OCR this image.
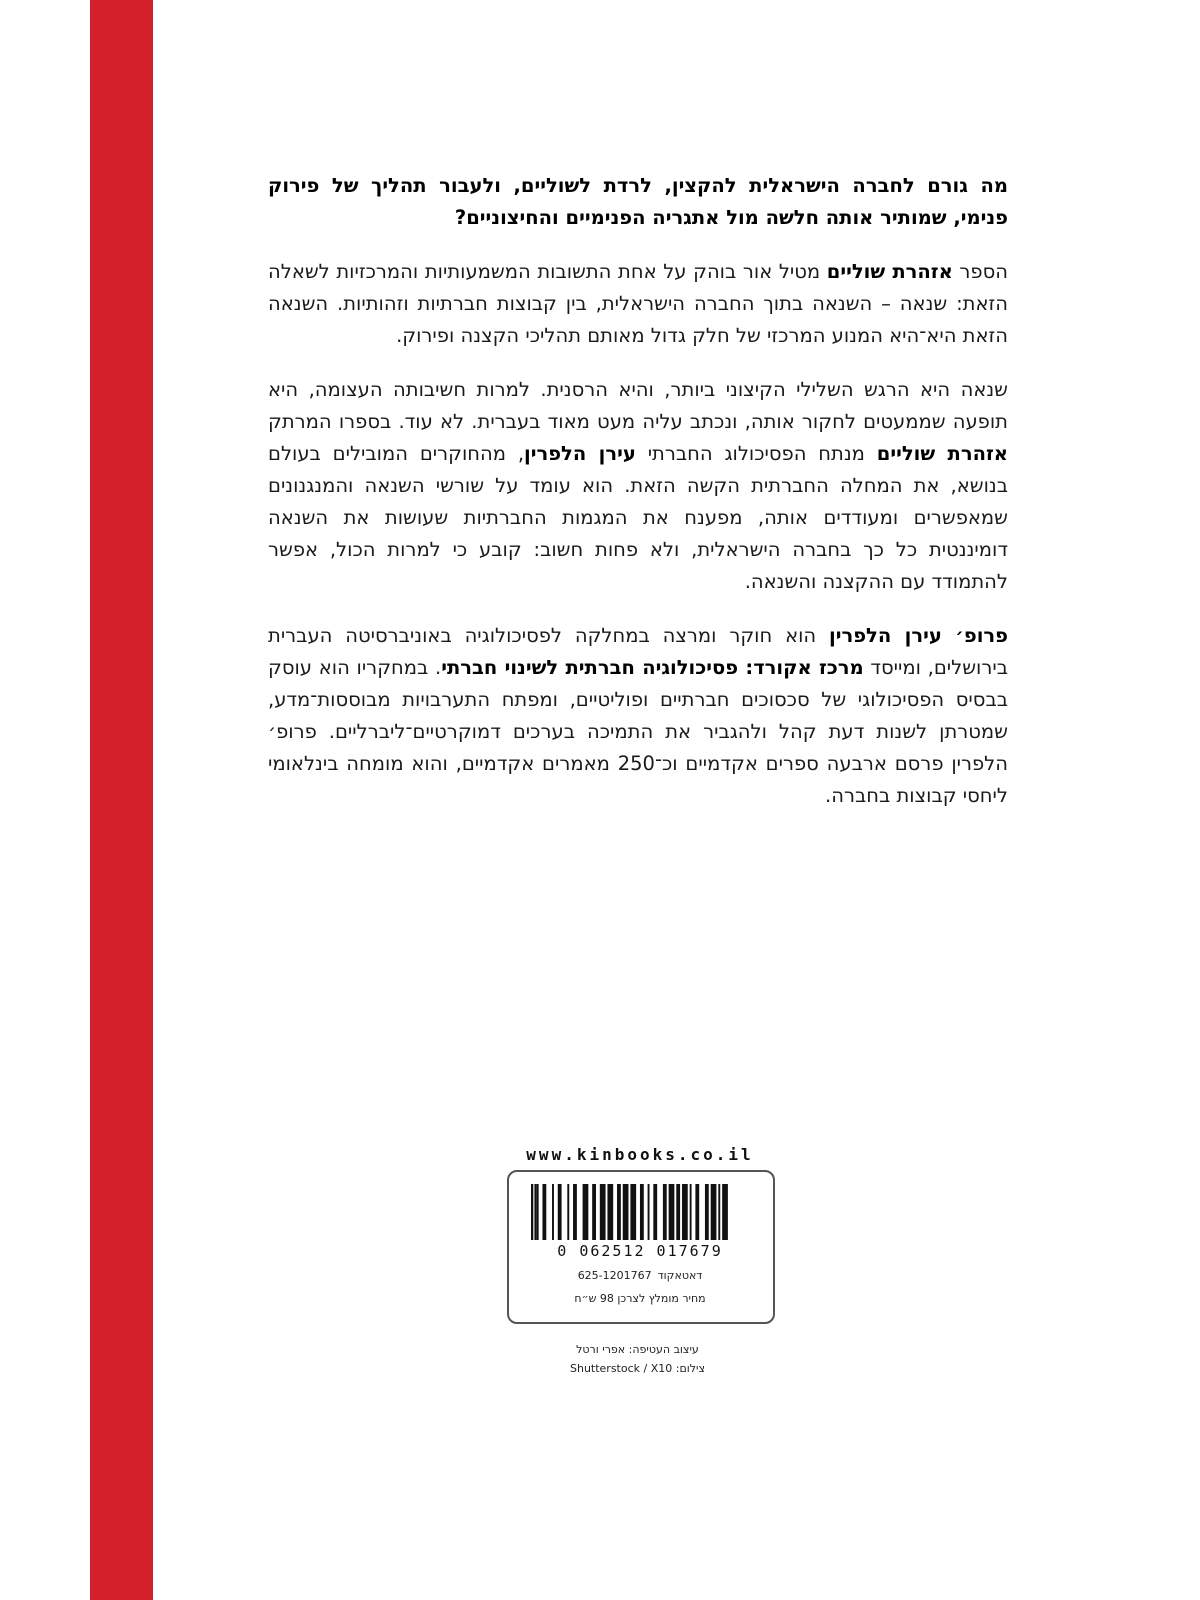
מה גורם לחברה הישראלית להקצין, לרדת לשוליים, ולעבור תהליך של פירוק פנימי, שמותיר אותה חלשה מול אתגריה הפנימיים והחיצוניים?

הספר אזהרת שוליים מטיל אור בוהק על אחת התשובות המשמעותיות והמרכזיות לשאלה הזאת: שנאה – השנאה בתוך החברה הישראלית, בין קבוצות חברתיות וזהותיות. השנאה הזאת היא־היא המנוע המרכזי של חלק גדול מאותם תהליכי הקצנה ופירוק.

שנאה היא הרגש השלילי הקיצוני ביותר, והיא הרסנית. למרות חשיבותה העצומה, היא תופעה שממעטים לחקור אותה, ונכתב עליה מעט מאוד בעברית. לא עוד. בספרו המרתק אזהרת שוליים מנתח הפסיכולוג החברתי עירן הלפרין, מהחוקרים המובילים בעולם בנושא, את המחלה החברתית הקשה הזאת. הוא עומד על שורשי השנאה והמנגנונים שמאפשרים ומעודדים אותה, מפענח את המגמות החברתיות שעושות את השנאה דומיננטית כל כך בחברה הישראלית, ולא פחות חשוב: קובע כי למרות הכול, אפשר להתמודד עם ההקצנה והשנאה.

פרופ׳ עירן הלפרין הוא חוקר ומרצה במחלקה לפסיכולוגיה באוניברסיטה העברית בירושלים, ומייסד מרכז אקורד: פסיכולוגיה חברתית לשינוי חברתי. במחקריו הוא עוסק בבסיס הפסיכולוגי של סכסוכים חברתיים ופוליטיים, ומפתח התערבויות מבוססות־מדע, שמטרתן לשנות דעת קהל ולהגביר את התמיכה בערכים דמוקרטיים־ליברליים. פרופ׳ הלפרין פרסם ארבעה ספרים אקדמיים וכ־250 מאמרים אקדמיים, והוא מומחה בינלאומי ליחסי קבוצות בחברה.

www.kinbooks.co.il
0 062512 017679
דאטאקוד625-1201767
מחיר מומלץ לצרכן 98 ש״ח
עיצוב העטיפה: אפרי ורטל
צילום: Shutterstock / X10
